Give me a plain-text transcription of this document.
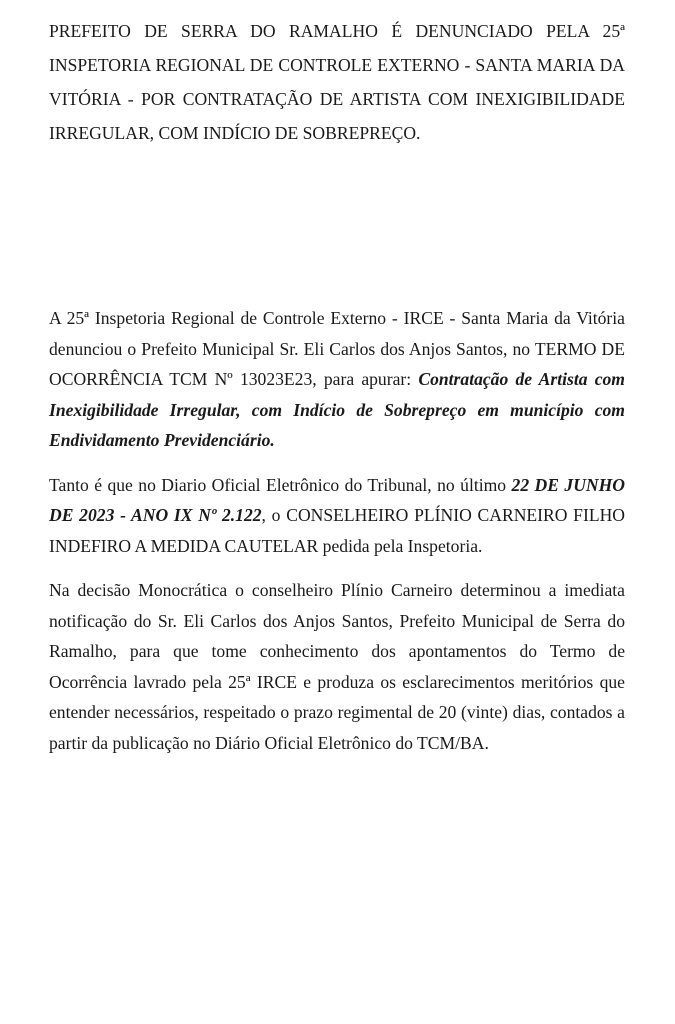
PREFEITO DE SERRA DO RAMALHO É DENUNCIADO PELA 25ª INSPETORIA REGIONAL DE CONTROLE EXTERNO - SANTA MARIA DA VITÓRIA - POR CONTRATAÇÃO DE ARTISTA COM INEXIGIBILIDADE IRREGULAR, COM INDÍCIO DE SOBREPREÇO.

A 25ª Inspetoria Regional de Controle Externo - IRCE - Santa Maria da Vitória denunciou o Prefeito Municipal Sr. Eli Carlos dos Anjos Santos, no TERMO DE OCORRÊNCIA TCM Nº 13023E23, para apurar: Contratação de Artista com Inexigibilidade Irregular, com Indício de Sobrepreço em município com Endividamento Previdenciário.

Tanto é que no Diario Oficial Eletrônico do Tribunal, no último 22 DE JUNHO DE 2023 - ANO IX Nº 2.122, o CONSELHEIRO PLÍNIO CARNEIRO FILHO INDEFIRO A MEDIDA CAUTELAR pedida pela Inspetoria.

Na decisão Monocrática o conselheiro Plínio Carneiro determinou a imediata notificação do Sr. Eli Carlos dos Anjos Santos, Prefeito Municipal de Serra do Ramalho, para que tome conhecimento dos apontamentos do Termo de Ocorrência lavrado pela 25ª IRCE e produza os esclarecimentos meritórios que entender necessários, respeitado o prazo regimental de 20 (vinte) dias, contados a partir da publicação no Diário Oficial Eletrônico do TCM/BA.
